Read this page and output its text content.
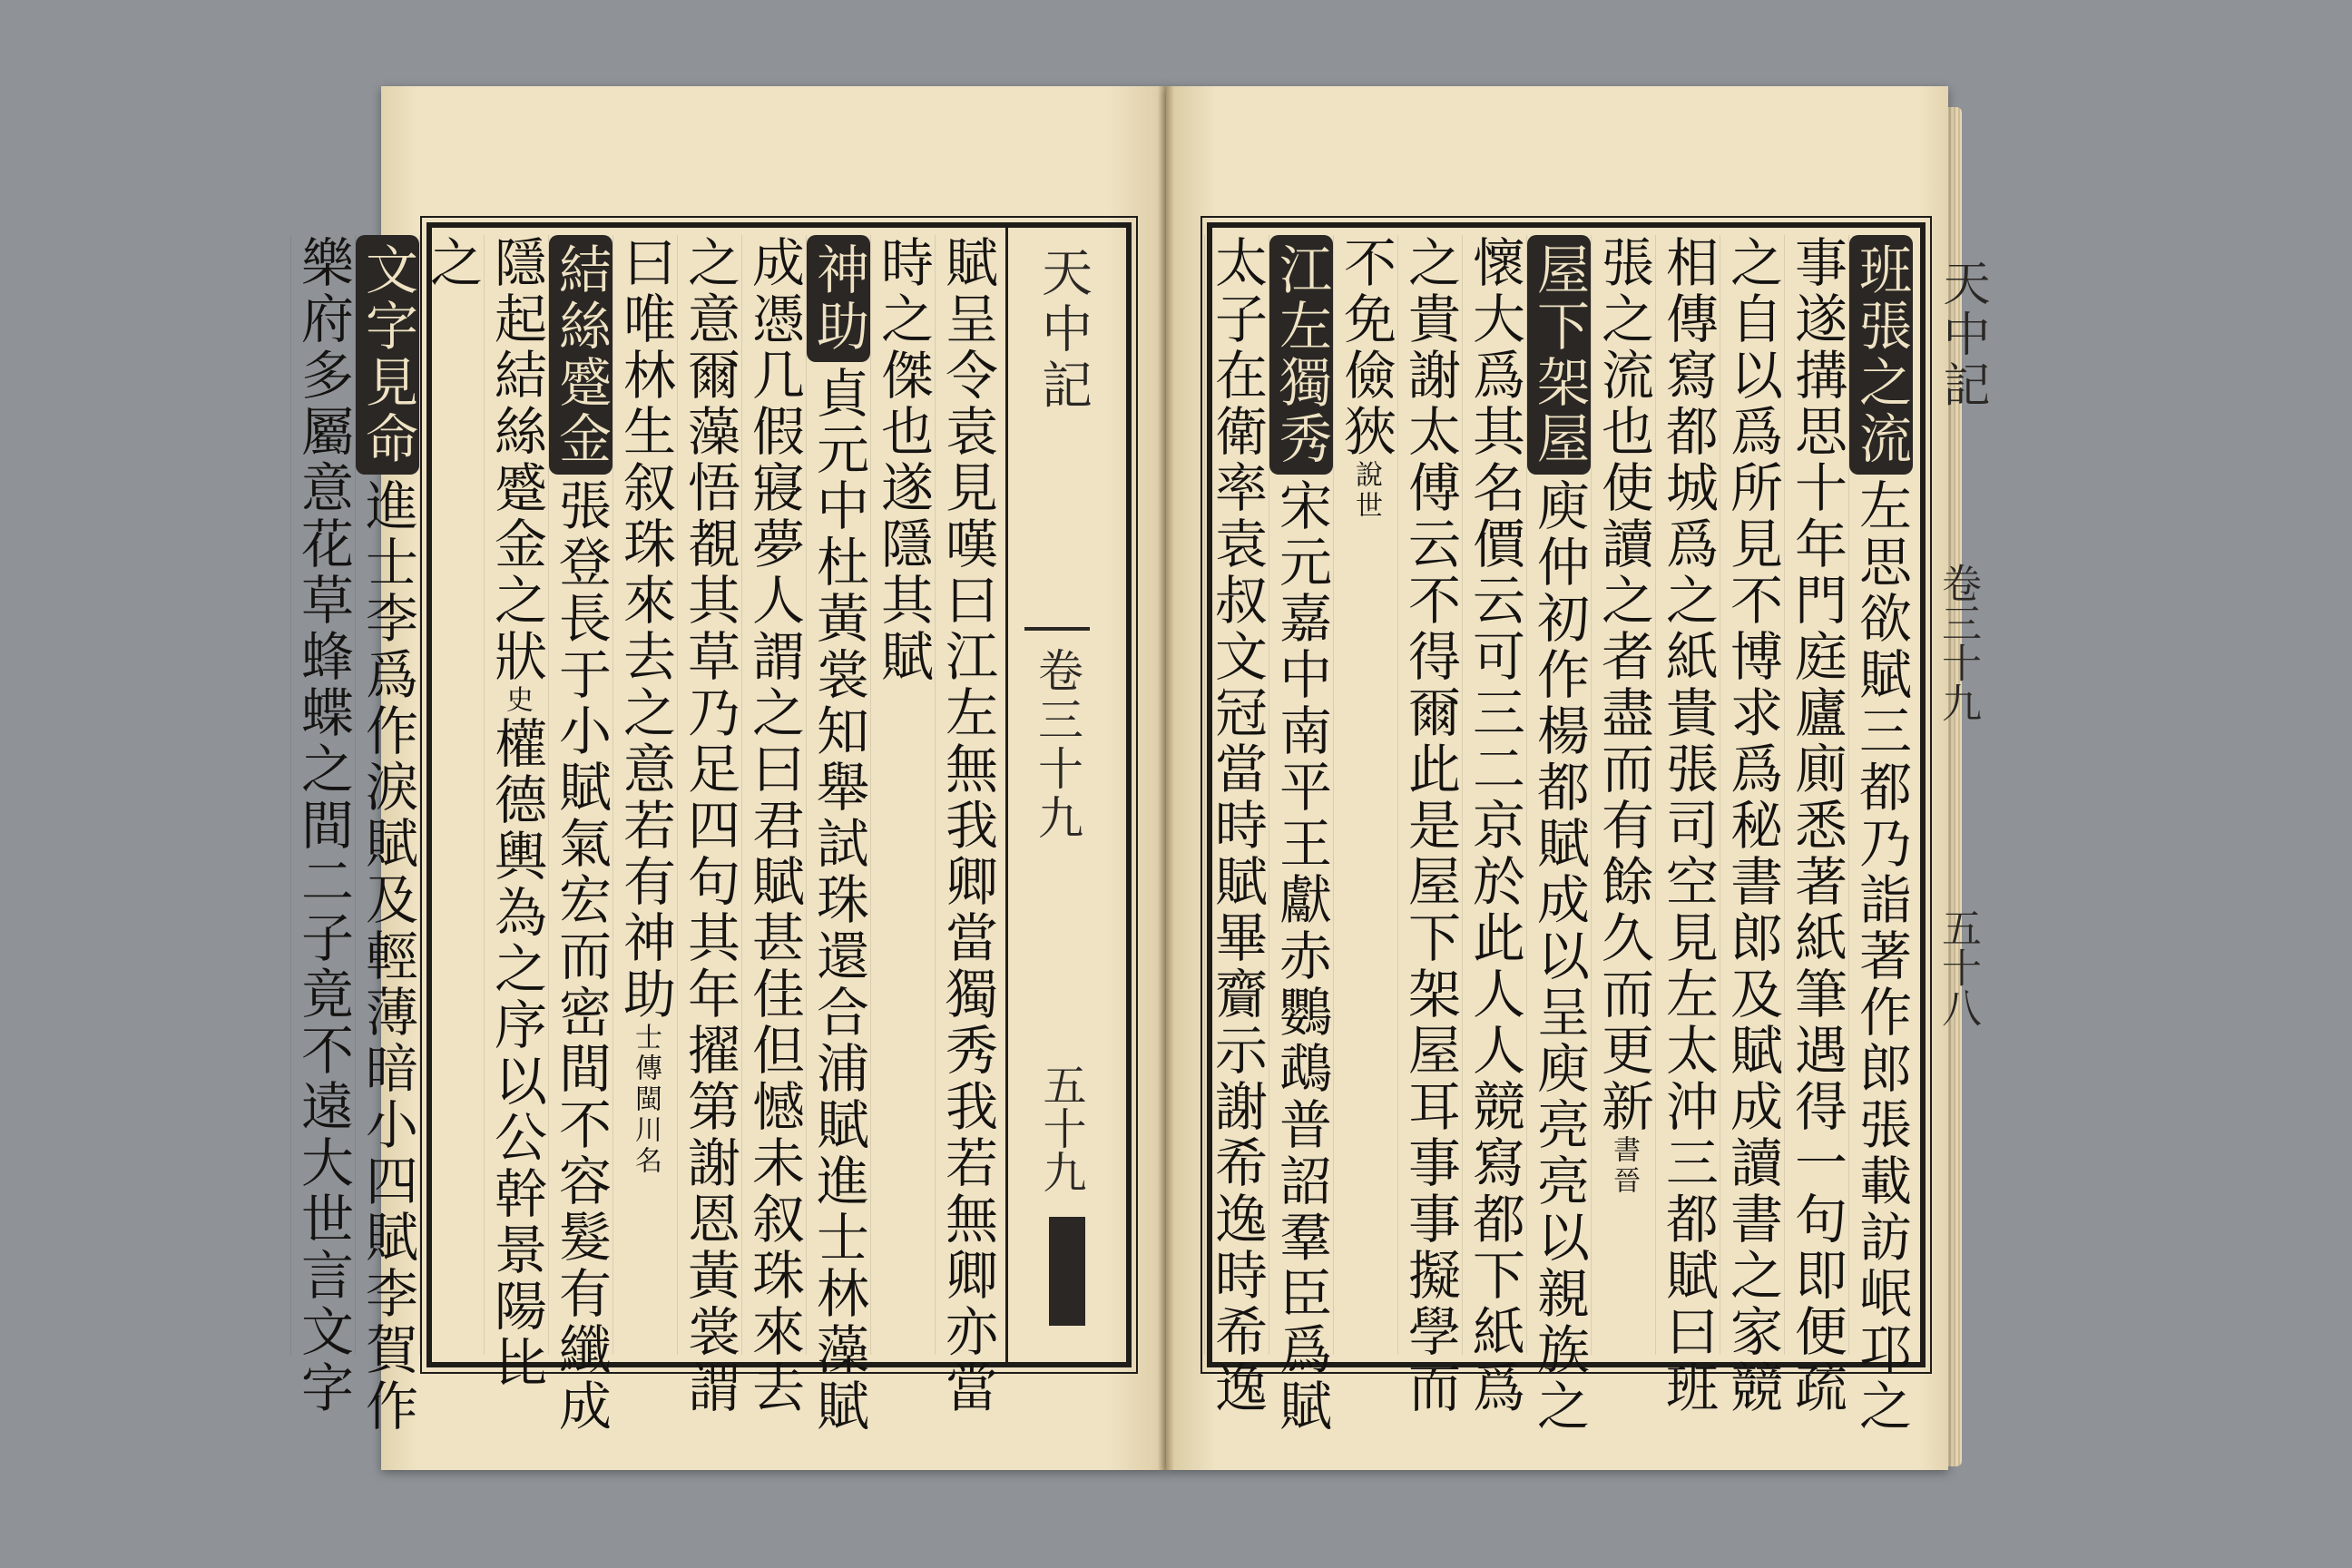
賦呈令袁見嘆曰江左無我卿當獨秀我若無卿亦當
時之傑也遂隱其賦
神助貞元中杜黃裳知舉試珠還合浦賦進士林藻賦
成憑几假寢夢人謂之曰君賦甚佳但憾未叙珠來去
之意爾藻悟覩其草乃足四句其年擢第謝恩黃裳謂
曰唯林生叙珠來去之意若有神助士傳閩川名
結絲蹙金張登長于小賦氣宏而密間不容髮有纖成
隱起結絲蹙金之狀史權德輿為之序以公幹景陽比
之
文字見命進士李爲作淚賦及輕薄暗小四賦李賀作
樂府多屬意花草蜂蝶之間二子竟不遠大世言文字	天中記
卷三十九
五十九
班張之流左思欲賦三都乃詣著作郎張載訪岷邛之
事遂搆思十年門庭廬廁悉著紙筆遇得一句即便疏
之自以爲所見不博求爲秘書郎及賦成讀書之家競
相傳寫都城爲之紙貴張司空見左太沖三都賦曰班
張之流也使讀之者盡而有餘久而更新書晉
屋下架屋庾仲初作楊都賦成以呈庾亮亮以親族之
懷大爲其名價云可三二京於此人人競寫都下紙爲
之貴謝太傅云不得爾此是屋下架屋耳事事擬學而
不免儉狹說世
江左獨秀宋元嘉中南平王獻赤鸚鵡普詔羣臣爲賦
太子在衛率袁叔文冠當時賦畢齎示謝希逸時希逸	天中記
卷三十九
五十八
